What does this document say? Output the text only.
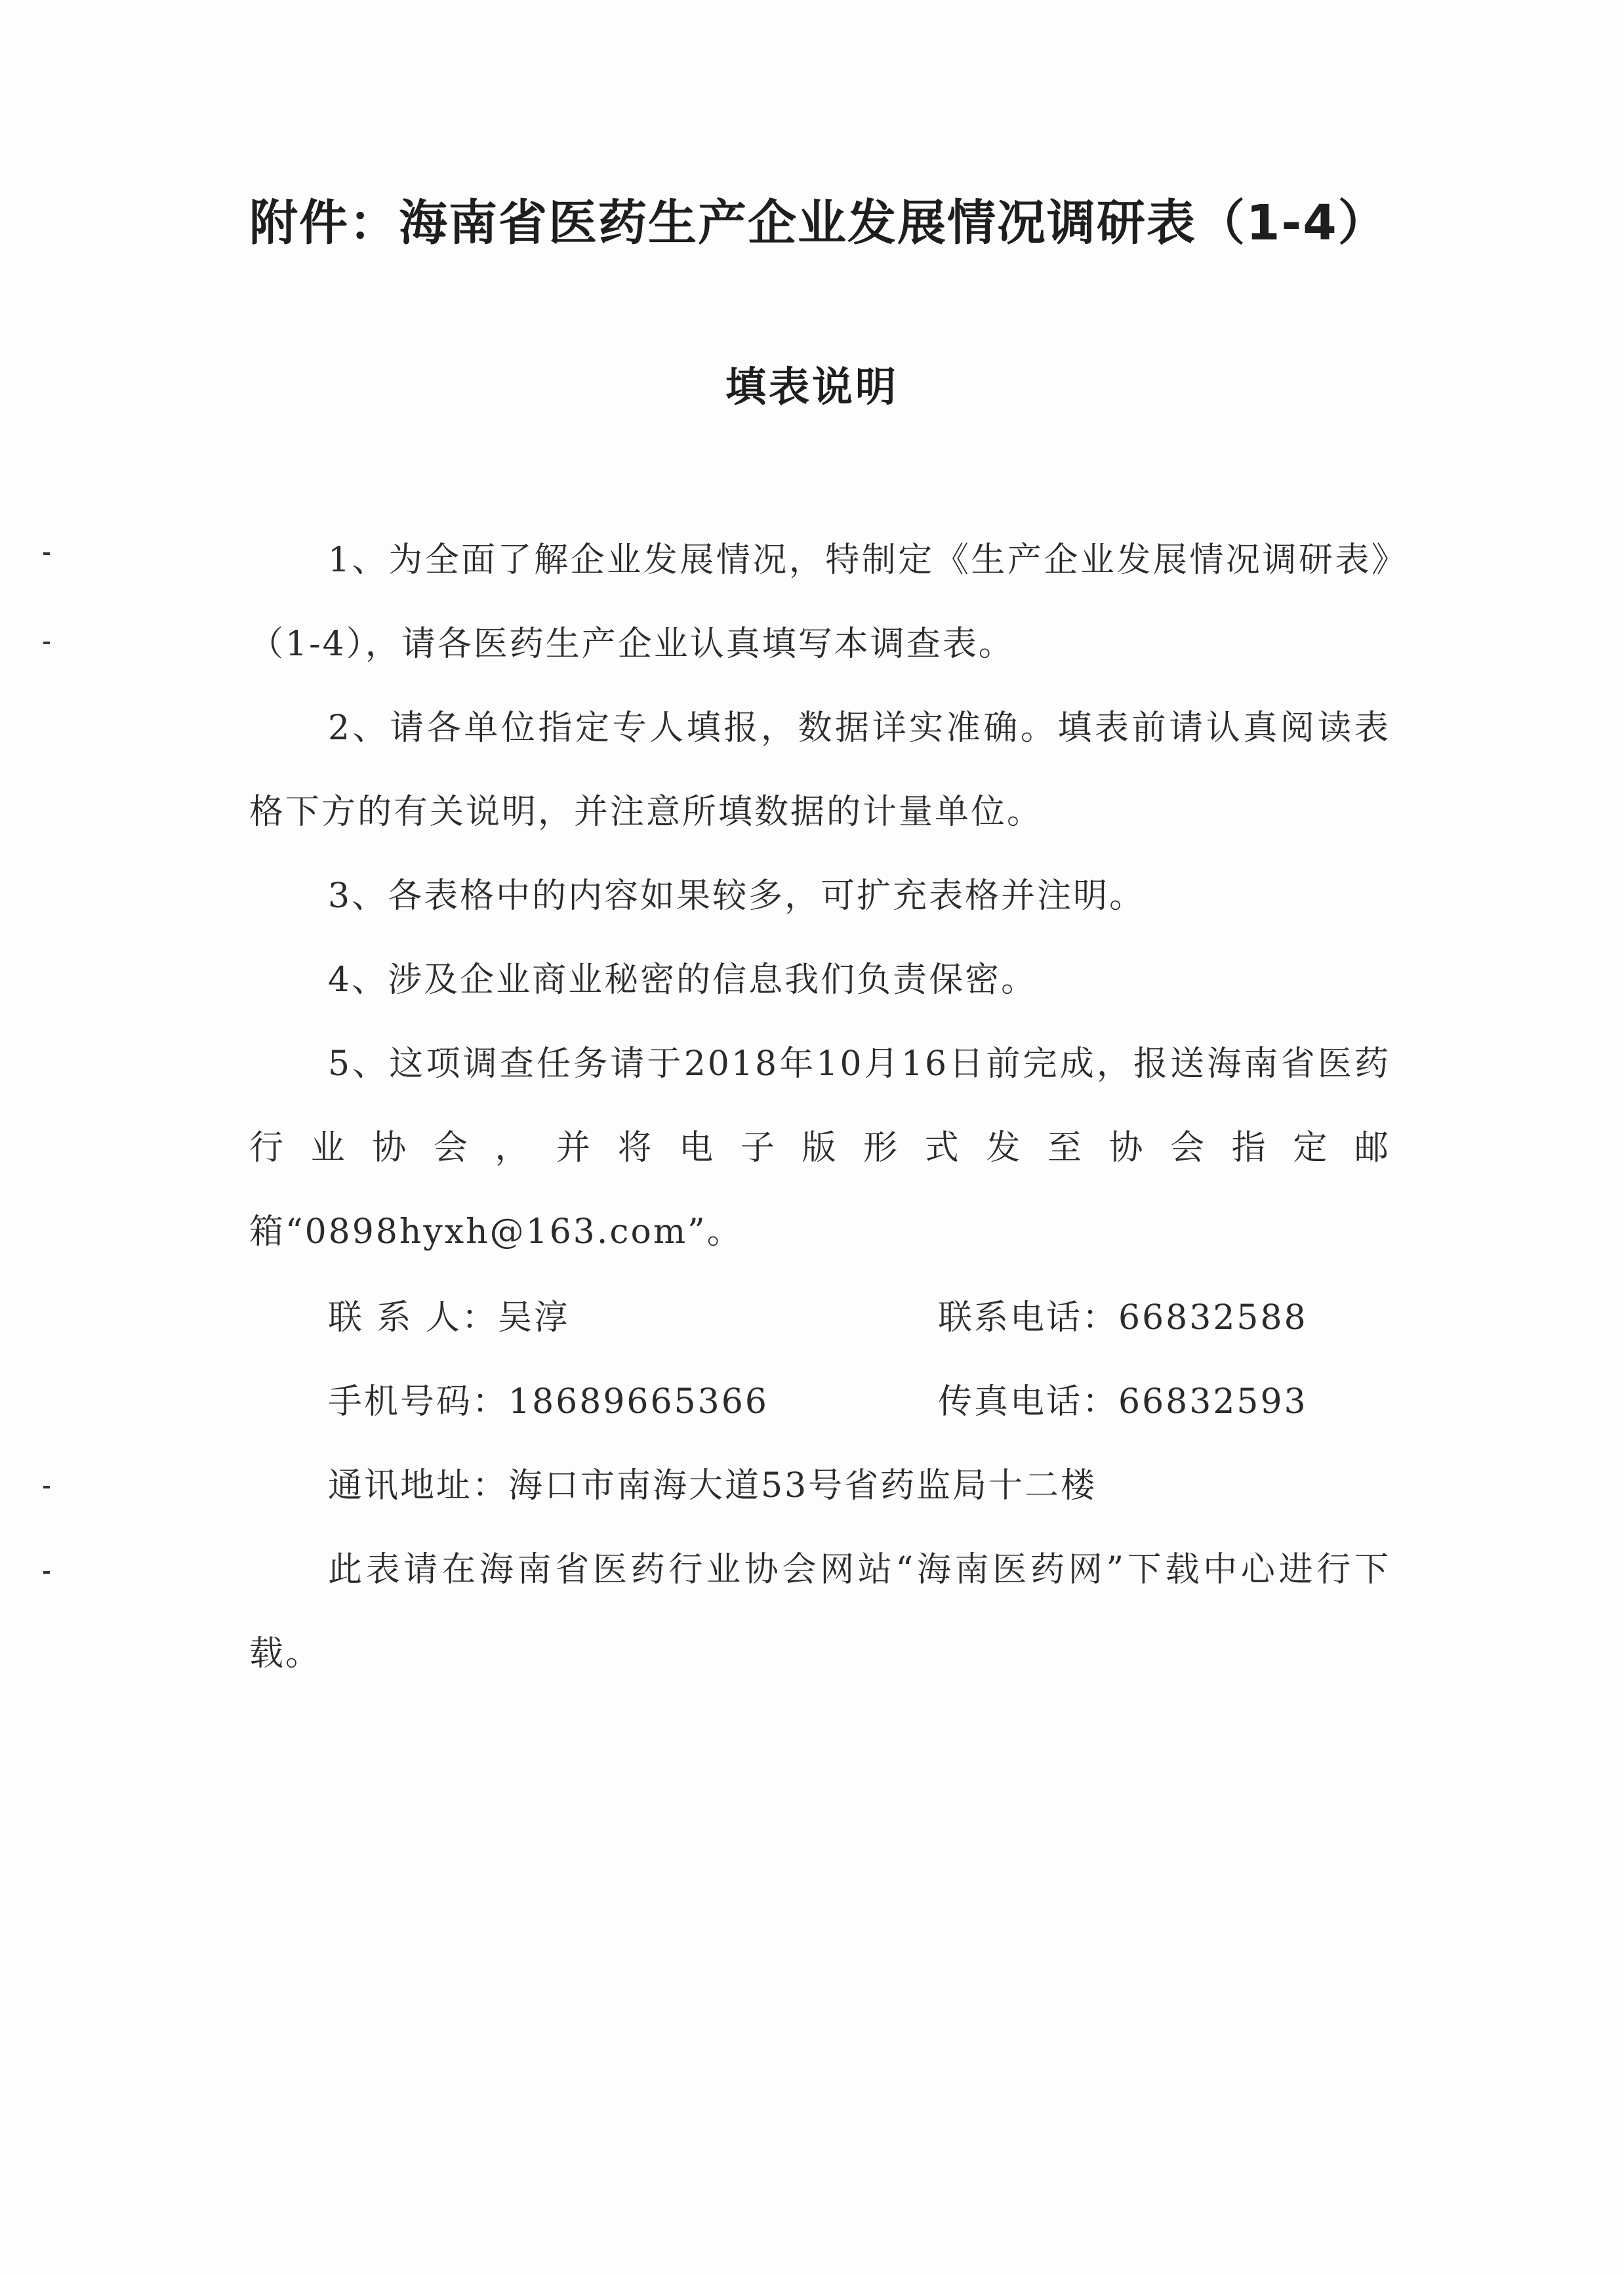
附件：海南省医药生产企业发展情况调研表（1-4）
填表说明

1、为全面了解企业发展情况，特制定《生产企业发展情况调研表》（1-4），请各医药生产企业认真填写本调查表。

2、请各单位指定专人填报，数据详实准确。填表前请认真阅读表格下方的有关说明，并注意所填数据的计量单位。

3、各表格中的内容如果较多，可扩充表格并注明。

4、涉及企业商业秘密的信息我们负责保密。

5、这项调查任务请于2018年10月16日前完成，报送海南省医药行业协会，并将电子版形式发至协会指定邮箱“0898hyxh@163.com”。

联 系 人：吴淳	联系电话：66832588
手机号码：18689665366	传真电话：66832593
通讯地址：海口市南海大道53号省药监局十二楼

此表请在海南省医药行业协会网站“海南医药网”下载中心进行下载。
